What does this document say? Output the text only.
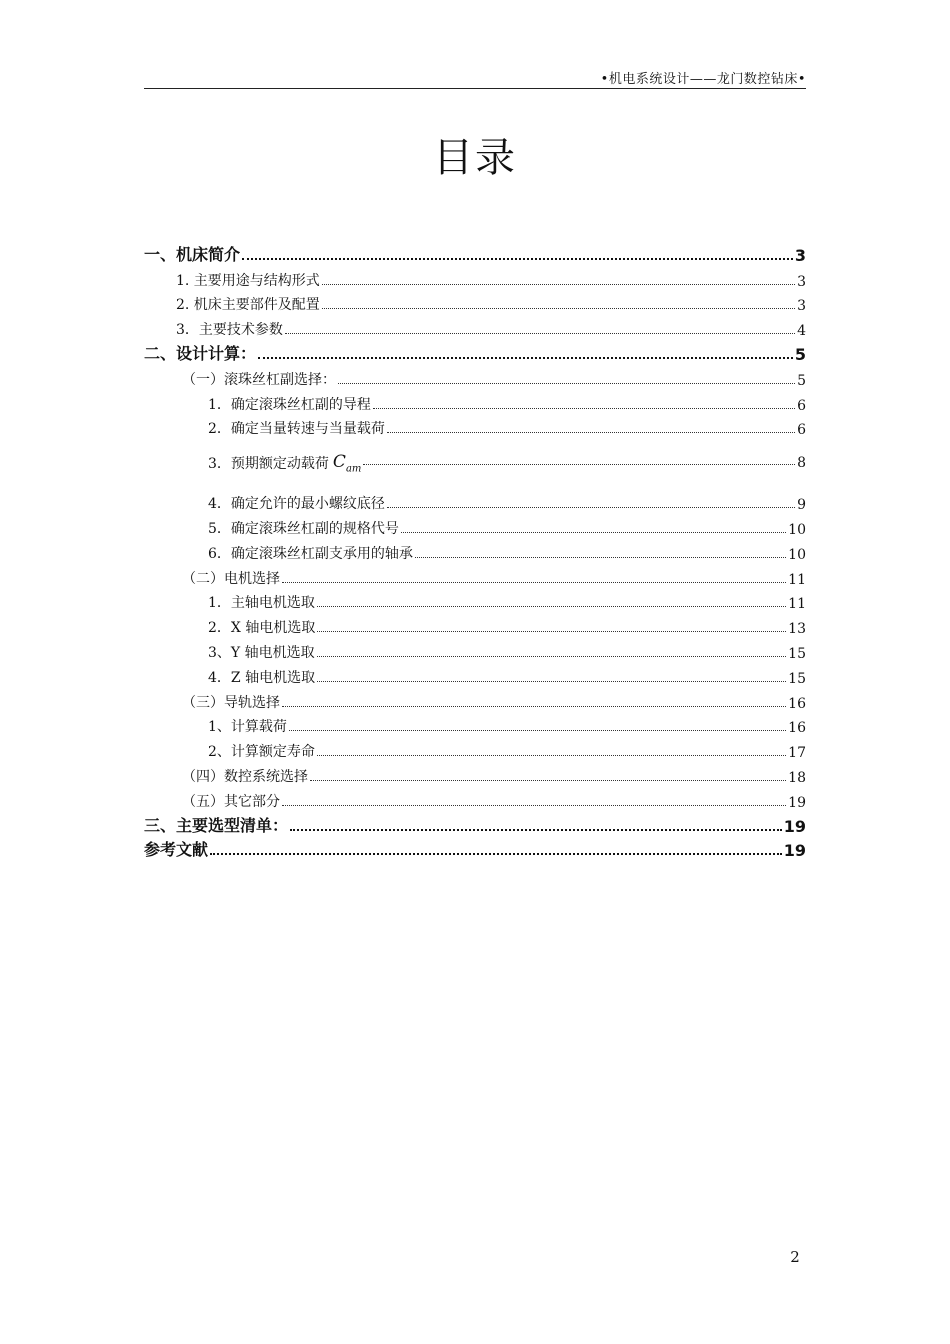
•机电系统设计——龙门数控钻床•
目录
一、机床简介	3
1. 主要用途与结构形式	3
2. 机床主要部件及配置	3
3．主要技术参数	4
二、设计计算：	5
（一）滚珠丝杠副选择：	5
1．确定滚珠丝杠副的导程	6
2．确定当量转速与当量载荷	6
3．预期额定动载荷 $C_{am}$	8
4．确定允许的最小螺纹底径	9
5．确定滚珠丝杠副的规格代号	10
6．确定滚珠丝杠副支承用的轴承	10
（二）电机选择	11
1．主轴电机选取	11
2．X 轴电机选取	13
3、Y 轴电机选取	15
4．Z 轴电机选取	15
（三）导轨选择	16
1、计算载荷	16
2、计算额定寿命	17
（四）数控系统选择	18
（五）其它部分	19
三、主要选型清单：	19
参考文献	19
2
